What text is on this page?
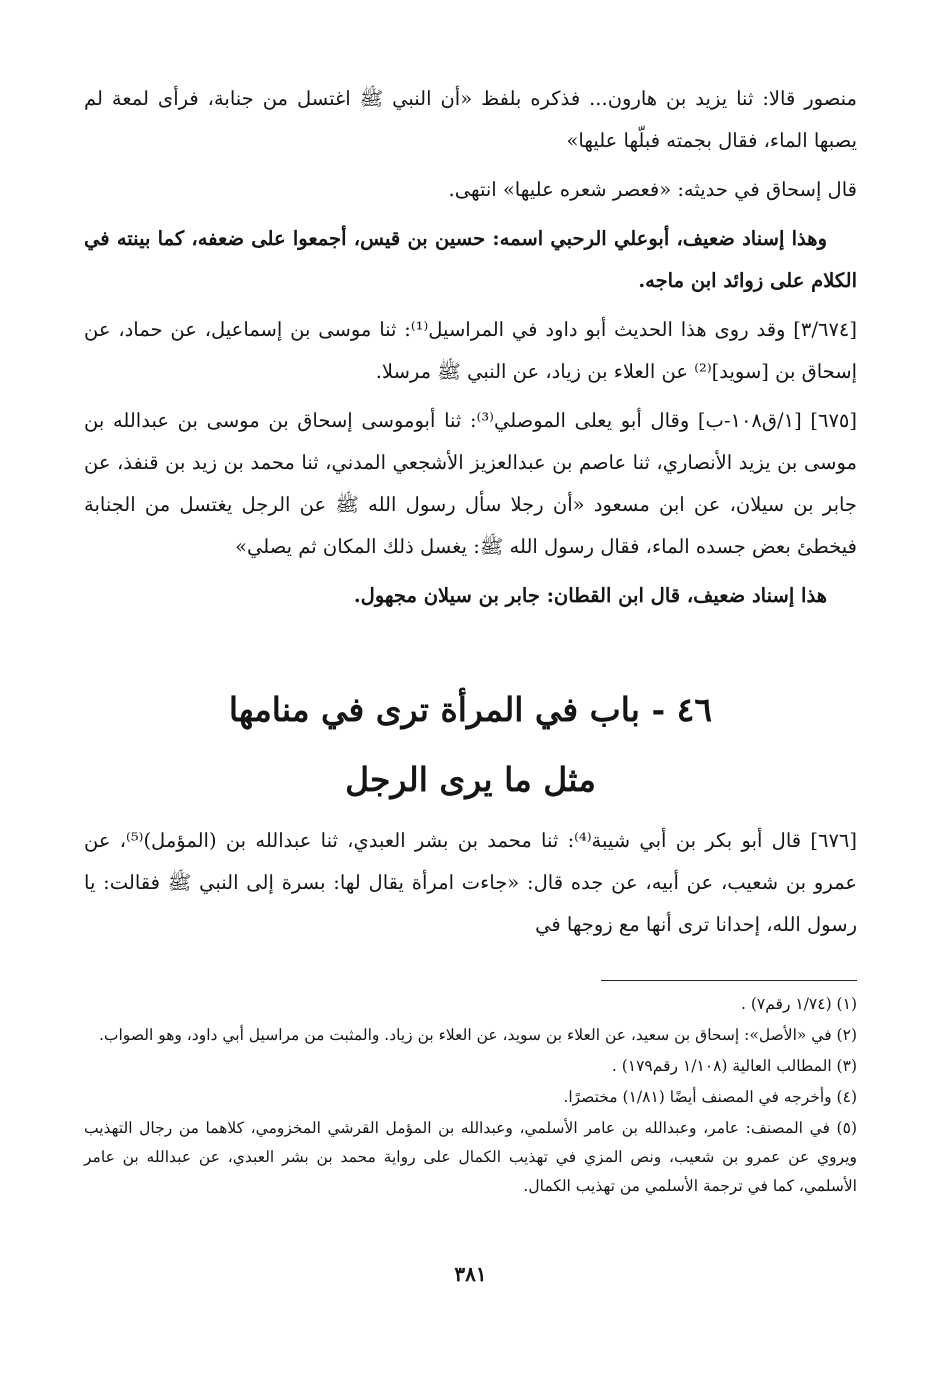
منصور قالا: ثنا يزيد بن هارون... فذكره بلفظ «أن النبي ﷺ اغتسل من جنابة، فرأى لمعة لم يصبها الماء، فقال بجمته فبلّها عليها»

قال إسحاق في حديثه: «فعصر شعره عليها» انتهى.

وهذا إسناد ضعيف، أبوعلي الرحبي اسمه: حسين بن قيس، أجمعوا على ضعفه، كما بينته في الكلام على زوائد ابن ماجه.

[٣/٦٧٤] وقد روى هذا الحديث أبو داود في المراسيل⁽¹⁾: ثنا موسى بن إسماعيل، عن حماد، عن إسحاق بن [سويد]⁽²⁾ عن العلاء بن زياد، عن النبي ﷺ مرسلا.

[٦٧٥] [١/ق١٠٨-ب] وقال أبو يعلى الموصلي⁽³⁾: ثنا أبوموسى إسحاق بن موسى بن عبدالله بن موسى بن يزيد الأنصاري، ثنا عاصم بن عبدالعزيز الأشجعي المدني، ثنا محمد بن زيد بن قنفذ، عن جابر بن سيلان، عن ابن مسعود «أن رجلا سأل رسول الله ﷺ عن الرجل يغتسل من الجنابة فيخطئ بعض جسده الماء، فقال رسول الله ﷺ: يغسل ذلك المكان ثم يصلي»

هذا إسناد ضعيف، قال ابن القطان: جابر بن سيلان مجهول.

٤٦ - باب في المرأة ترى في منامها
مثل ما يرى الرجل

[٦٧٦] قال أبو بكر بن أبي شيبة⁽⁴⁾: ثنا محمد بن بشر العبدي، ثنا عبدالله بن (المؤمل)⁽⁵⁾، عن عمرو بن شعيب، عن أبيه، عن جده قال: «جاءت امرأة يقال لها: بسرة إلى النبي ﷺ فقالت: يا رسول الله، إحدانا ترى أنها مع زوجها في

(١) (١/٧٤ رقم٧) .

(٢) في «الأصل»: إسحاق بن سعيد، عن العلاء بن سويد، عن العلاء بن زياد. والمثبت من مراسيل أبي داود، وهو الصواب.

(٣) المطالب العالية (١/١٠٨ رقم١٧٩) .

(٤) وأخرجه في المصنف أيضًا (١/٨١) مختصرًا.

(٥) في المصنف: عامر، وعبدالله بن عامر الأسلمي، وعبدالله بن المؤمل القرشي المخزومي، كلاهما من رجال التهذيب ويروي عن عمرو بن شعيب، ونص المزي في تهذيب الكمال على رواية محمد بن بشر العبدي، عن عبدالله بن عامر الأسلمي، كما في ترجمة الأسلمي من تهذيب الكمال.

٣٨١
